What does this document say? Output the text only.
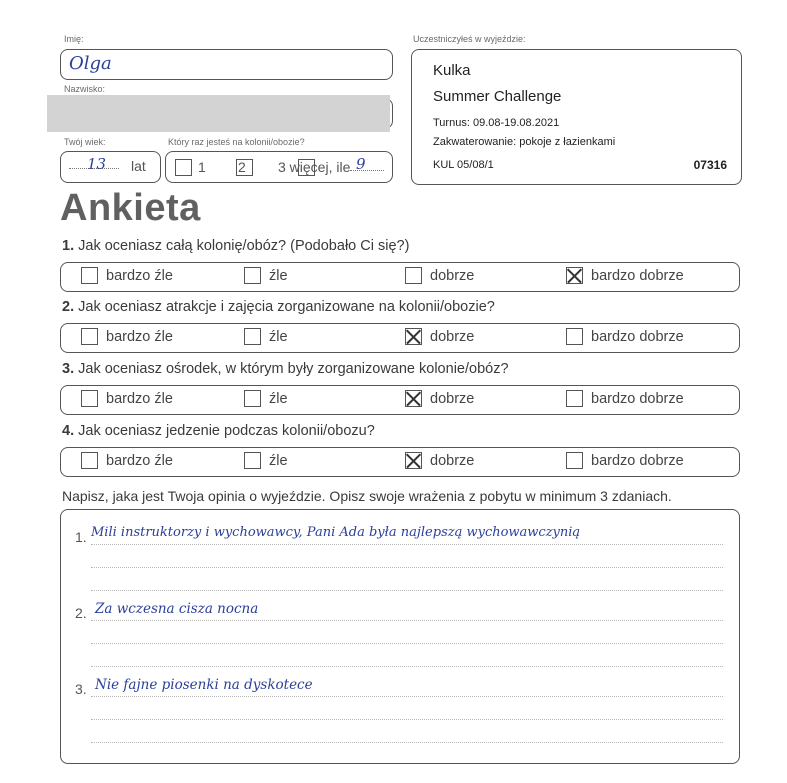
Imię:
Olga
Nazwisko:
Twój wiek:
13 lat
Który raz jesteś na kolonii/obozie?

1
2 3 więcej, ile 9
Uczestniczyłeś w wyjeździe:
Kulka
Summer Challenge
Turnus: 09.08-19.08.2021
Zakwaterowanie: pokoje z łazienkami
KUL 05/08/1	07316
Ankieta
1. Jak oceniasz całą kolonię/obóz? (Podobało Ci się?)
bardzo źle	źle	dobrze	bardzo dobrze
2. Jak oceniasz atrakcje i zajęcia zorganizowane na kolonii/obozie?
bardzo źle	źle	dobrze	bardzo dobrze
3. Jak oceniasz ośrodek, w którym były zorganizowane kolonie/obóz?
bardzo źle	źle	dobrze	bardzo dobrze
4. Jak oceniasz jedzenie podczas kolonii/obozu?
bardzo źle	źle	dobrze	bardzo dobrze
Napisz, jaka jest Twoja opinia o wyjeździe. Opisz swoje wrażenia z pobytu w minimum 3 zdaniach.
1. Mili instruktorzy i wychowawcy, Pani Ada była najlepszą wychowawczynią
2. Za wczesna cisza nocna
3. Nie fajne piosenki na dyskotece
